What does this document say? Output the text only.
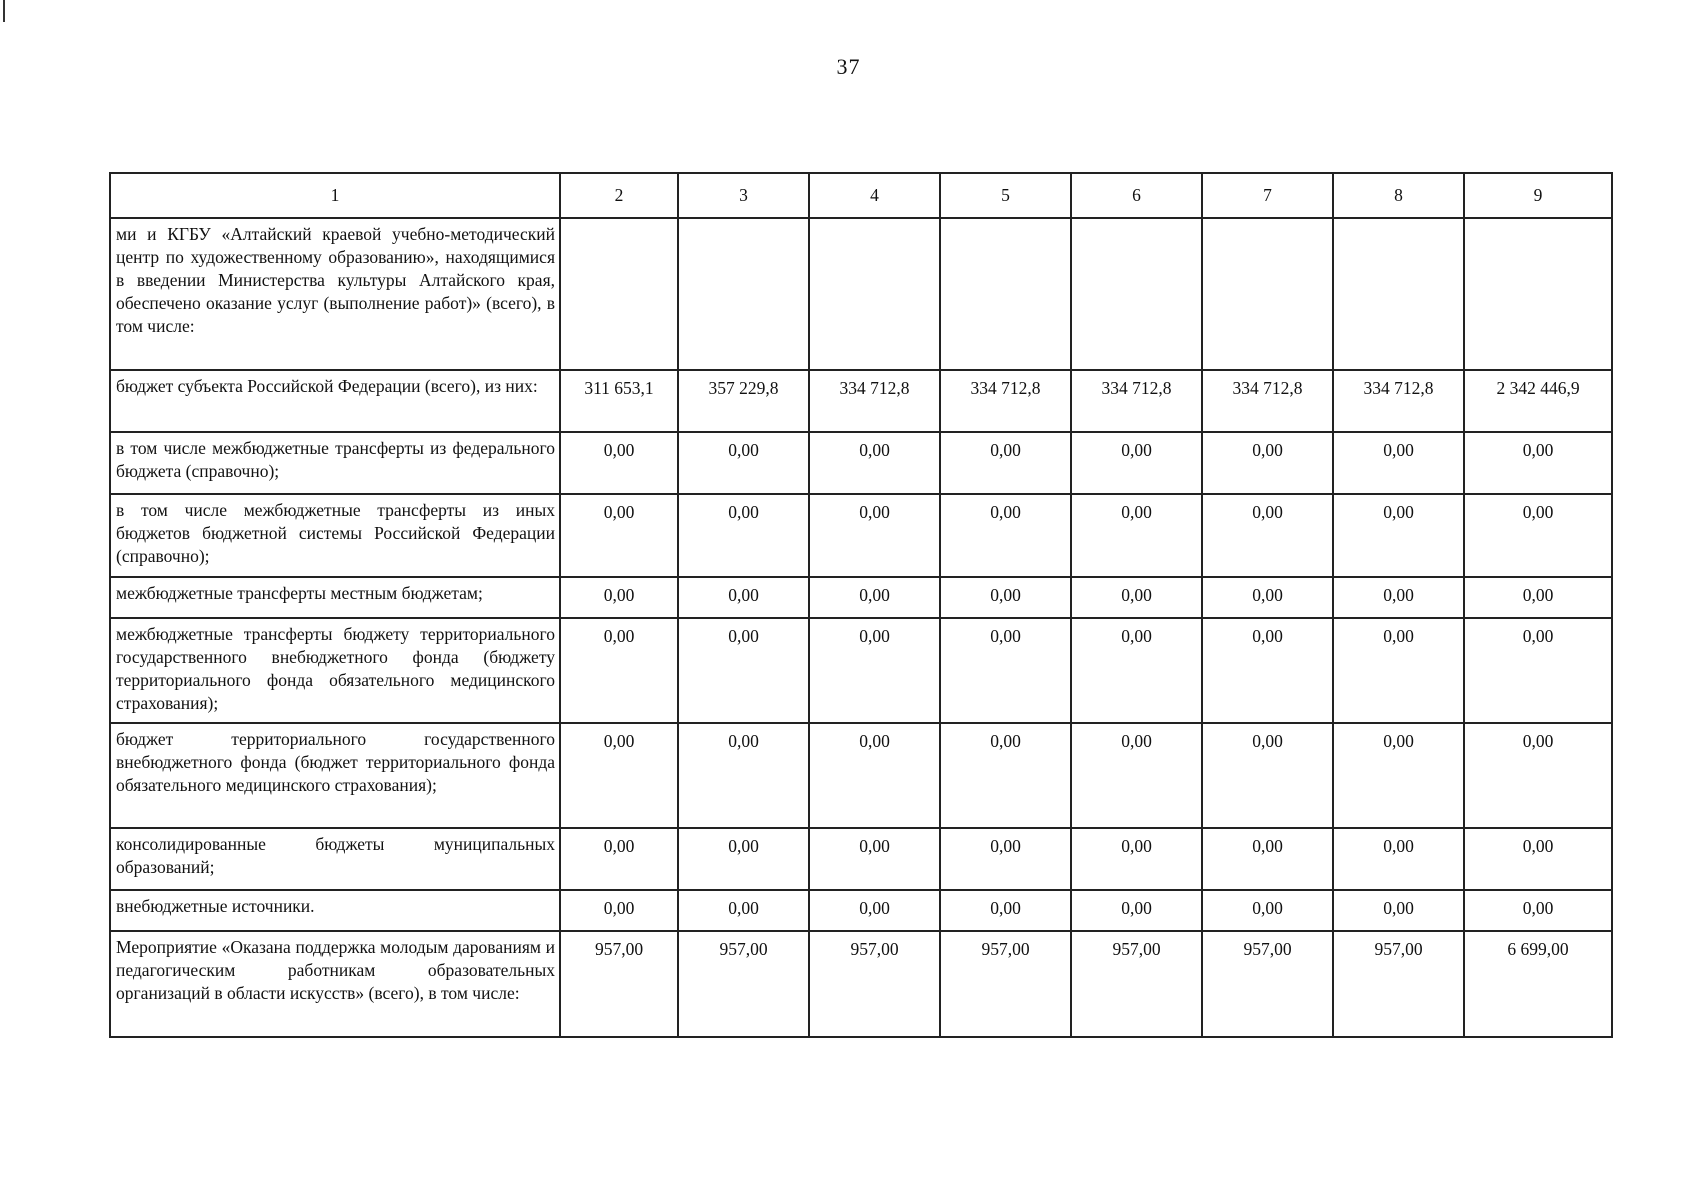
37
1	2	3	4	5	6	7	8	9
ми и КГБУ «Алтайский краевой учебно-методический центр по художественному образованию», находящимися в введении Министерства культуры Алтайского края, обеспечено оказание услуг (выполнение работ)» (всего), в том числе:								
бюджет субъекта Российской Федерации (всего), из них:	311 653,1	357 229,8	334 712,8	334 712,8	334 712,8	334 712,8	334 712,8	2 342 446,9
в том числе межбюджетные трансферты из федерального бюджета (справочно);	0,00	0,00	0,00	0,00	0,00	0,00	0,00	0,00
в том числе межбюджетные трансферты из иных бюджетов бюджетной системы Российской Федерации (справочно);	0,00	0,00	0,00	0,00	0,00	0,00	0,00	0,00
межбюджетные трансферты местным бюджетам;	0,00	0,00	0,00	0,00	0,00	0,00	0,00	0,00
межбюджетные трансферты бюджету территориального государственного внебюджетного фонда (бюджету территориального фонда обязательного медицинского страхования);	0,00	0,00	0,00	0,00	0,00	0,00	0,00	0,00
бюджет территориального государственного внебюджетного фонда (бюджет территориального фонда обязательного медицинского страхования);	0,00	0,00	0,00	0,00	0,00	0,00	0,00	0,00
консолидированные бюджеты муниципальных образований;	0,00	0,00	0,00	0,00	0,00	0,00	0,00	0,00
внебюджетные источники.	0,00	0,00	0,00	0,00	0,00	0,00	0,00	0,00
Мероприятие «Оказана поддержка молодым дарованиям и педагогическим работникам образовательных организаций в области искусств» (всего), в том числе:	957,00	957,00	957,00	957,00	957,00	957,00	957,00	6 699,00
